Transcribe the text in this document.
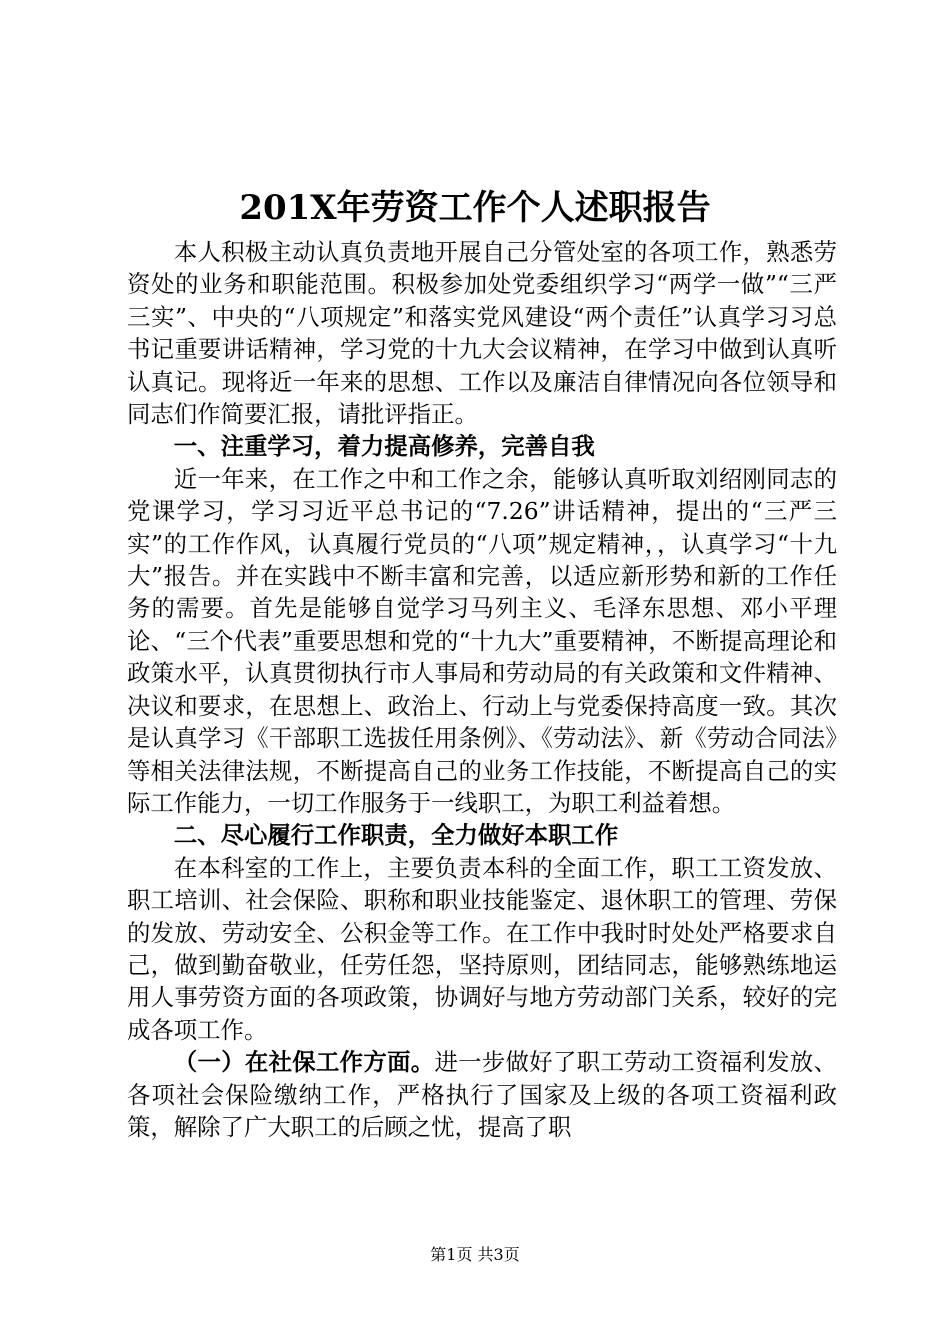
201X年劳资工作个人述职报告

本人积极主动认真负责地开展自己分管处室的各项工作，熟悉劳资处的业务和职能范围。积极参加处党委组织学习“两学一做”“三严三实”、中央的“八项规定”和落实党风建设“两个责任”认真学习习总书记重要讲话精神，学习党的十九大会议精神，在学习中做到认真听认真记。现将近一年来的思想、工作以及廉洁自律情况向各位领导和同志们作简要汇报，请批评指正。

一、注重学习，着力提高修养，完善自我

近一年来，在工作之中和工作之余，能够认真听取刘绍刚同志的党课学习，学习习近平总书记的“7.26”讲话精神，提出的“三严三实”的工作作风，认真履行党员的“八项”规定精神，，认真学习“十九大”报告。并在实践中不断丰富和完善，以适应新形势和新的工作任务的需要。首先是能够自觉学习马列主义、毛泽东思想、邓小平理论、“三个代表”重要思想和党的“十九大”重要精神，不断提高理论和政策水平，认真贯彻执行市人事局和劳动局的有关政策和文件精神、决议和要求，在思想上、政治上、行动上与党委保持高度一致。其次是认真学习《干部职工选拔任用条例》、《劳动法》、新《劳动合同法》等相关法律法规，不断提高自己的业务工作技能，不断提高自己的实际工作能力，一切工作服务于一线职工，为职工利益着想。

二、尽心履行工作职责，全力做好本职工作

在本科室的工作上，主要负责本科的全面工作，职工工资发放、职工培训、社会保险、职称和职业技能鉴定、退休职工的管理、劳保的发放、劳动安全、公积金等工作。在工作中我时时处处严格要求自己，做到勤奋敬业，任劳任怨，坚持原则，团结同志，能够熟练地运用人事劳资方面的各项政策，协调好与地方劳动部门关系，较好的完成各项工作。

（一）在社保工作方面。进一步做好了职工劳动工资福利发放、各项社会保险缴纳工作，严格执行了国家及上级的各项工资福利政策，解除了广大职工的后顾之忧，提高了职

第1页 共3页
